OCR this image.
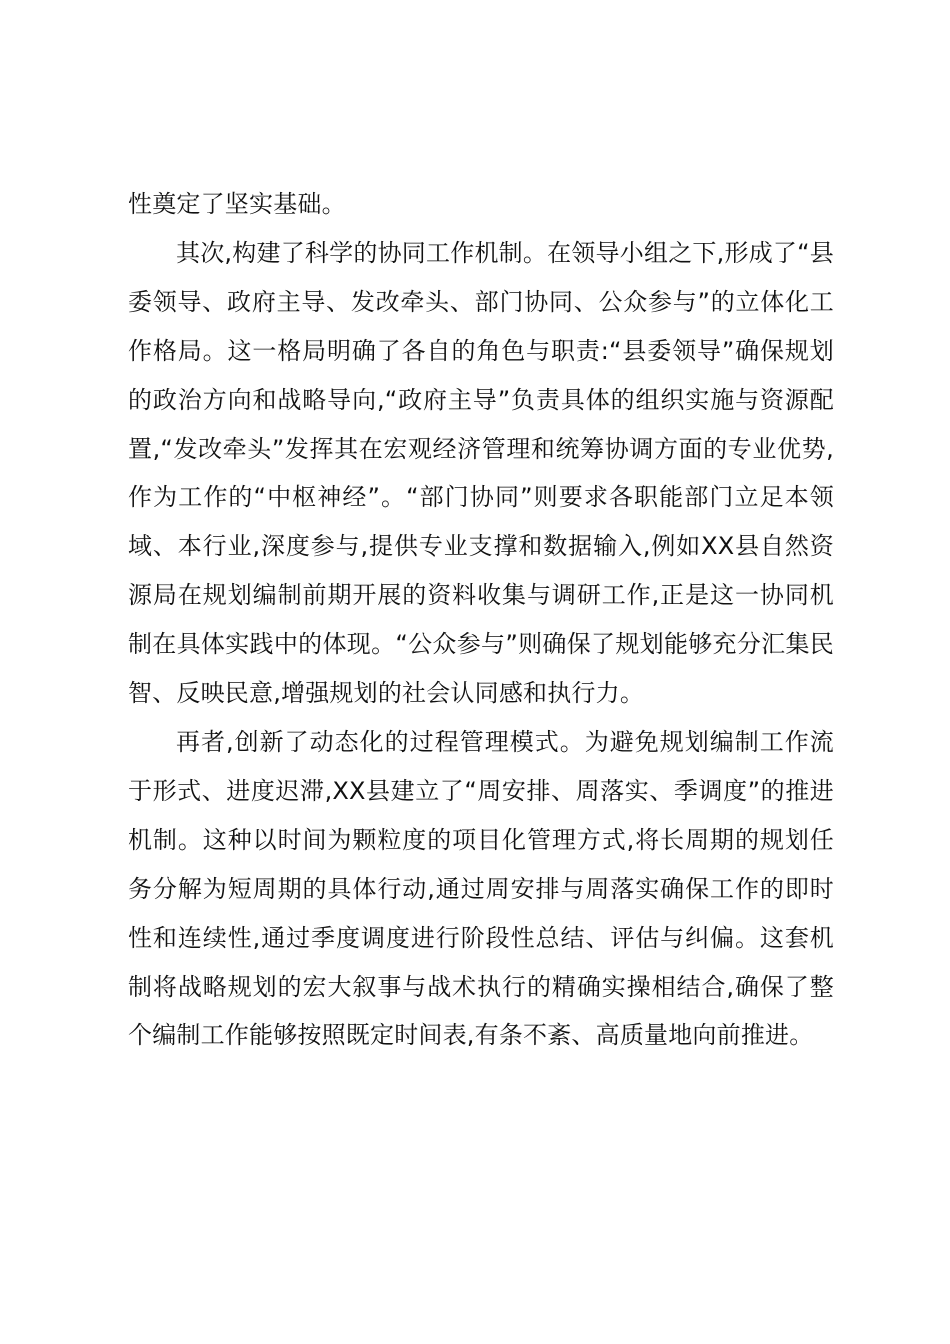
性奠定了坚实基础。

其次,构建了科学的协同工作机制。在领导小组之下,形成了“县委领导、政府主导、发改牵头、部门协同、公众参与”的立体化工作格局。这一格局明确了各自的角色与职责:“县委领导”确保规划的政治方向和战略导向,“政府主导”负责具体的组织实施与资源配置,“发改牵头”发挥其在宏观经济管理和统筹协调方面的专业优势,作为工作的“中枢神经”。“部门协同”则要求各职能部门立足本领域、本行业,深度参与,提供专业支撑和数据输入,例如XX县自然资源局在规划编制前期开展的资料收集与调研工作,正是这一协同机制在具体实践中的体现。“公众参与”则确保了规划能够充分汇集民智、反映民意,增强规划的社会认同感和执行力。

再者,创新了动态化的过程管理模式。为避免规划编制工作流于形式、进度迟滞,XX县建立了“周安排、周落实、季调度”的推进机制。这种以时间为颗粒度的项目化管理方式,将长周期的规划任务分解为短周期的具体行动,通过周安排与周落实确保工作的即时性和连续性,通过季度调度进行阶段性总结、评估与纠偏。这套机制将战略规划的宏大叙事与战术执行的精确实操相结合,确保了整个编制工作能够按照既定时间表,有条不紊、高质量地向前推进。
